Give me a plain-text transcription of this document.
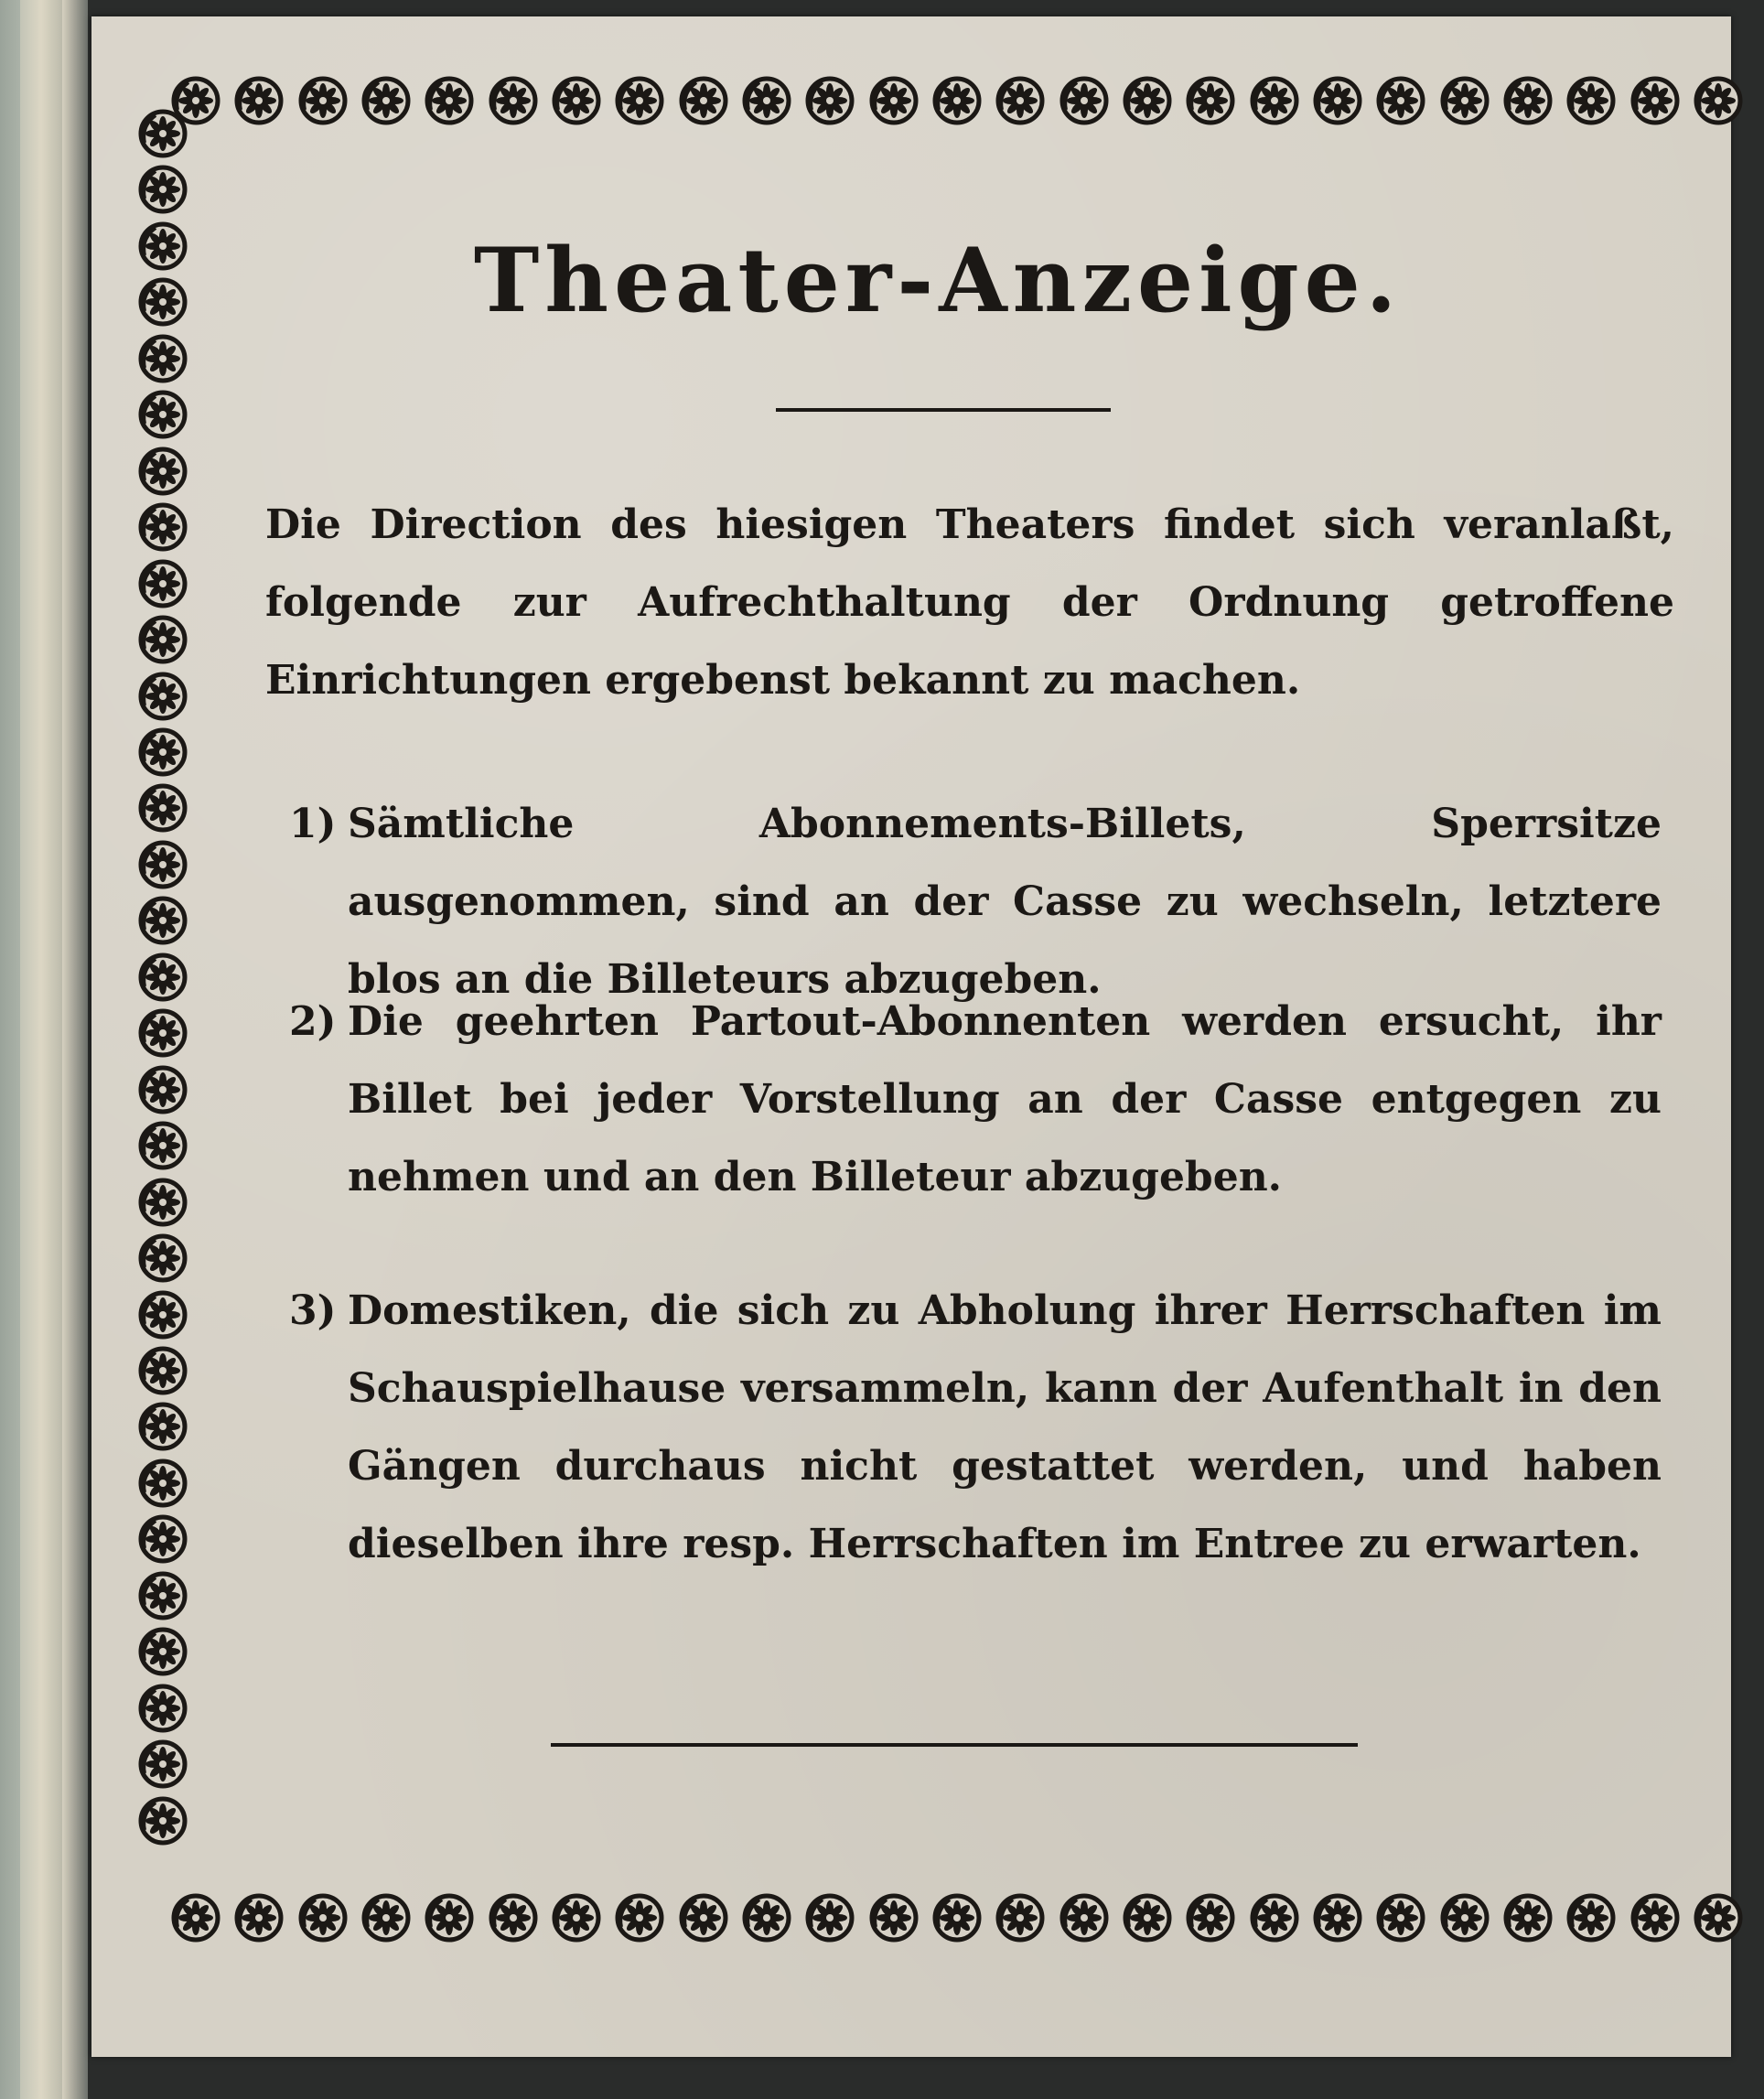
Theater-Anzeige.
Die Direction des hiesigen Theaters findet sich veranlaßt, folgende zur Aufrechthaltung der Ordnung getroffene Einrichtungen ergebenst bekannt zu machen.
1) Sämtliche Abonnements-Billets, Sperrsitze ausgenommen, sind an der Casse zu wechseln, letztere blos an die Billeteurs abzugeben.
2) Die geehrten Partout-Abonnenten werden ersucht, ihr Billet bei jeder Vorstellung an der Casse entgegen zu nehmen und an den Billeteur abzugeben.
3) Domestiken, die sich zu Abholung ihrer Herrschaften im Schauspielhause versammeln, kann der Aufenthalt in den Gängen durchaus nicht gestattet werden, und haben dieselben ihre resp. Herrschaften im Entree zu erwarten.
